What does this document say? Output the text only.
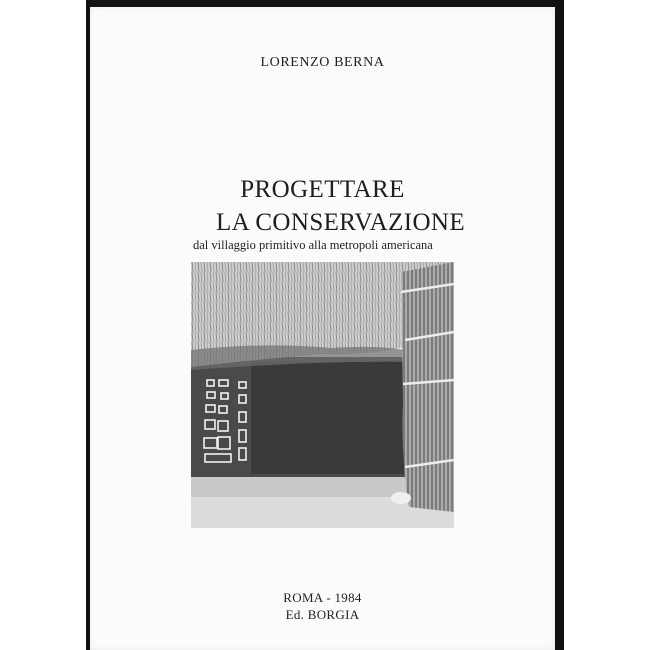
LORENZO BERNA
PROGETTARE
LA CONSERVAZIONE
dal villaggio primitivo alla metropoli americana
ROMA - 1984
Ed. BORGIA
